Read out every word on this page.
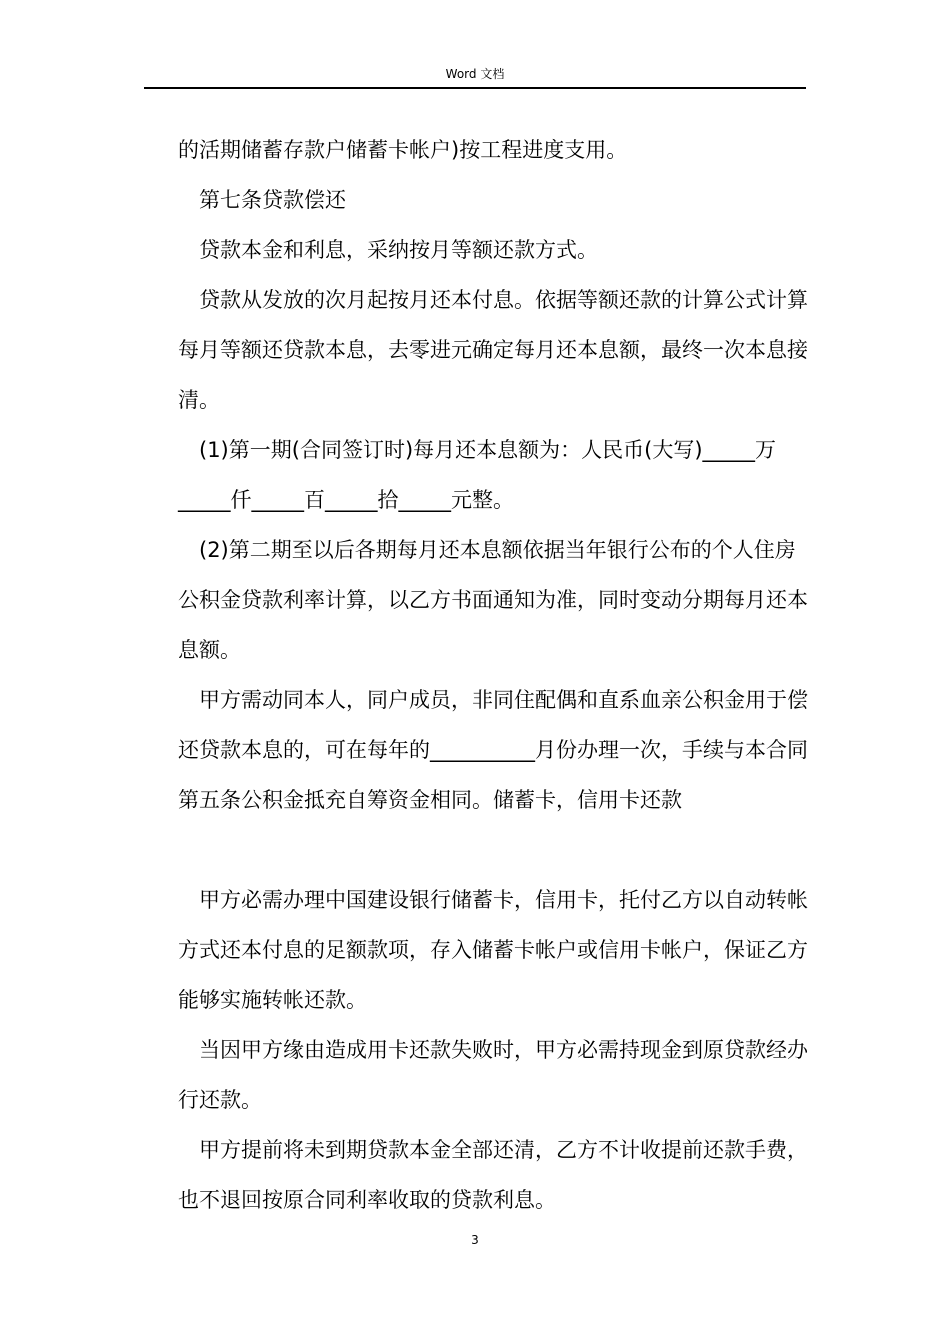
Word 文档

的活期储蓄存款户储蓄卡帐户)按工程进度支用。

第七条贷款偿还

贷款本金和利息，采纳按月等额还款方式。

贷款从发放的次月起按月还本付息。依据等额还款的计算公式计算每月等额还贷款本息，去零进元确定每月还本息额，最终一次本息接清。

(1)第一期(合同签订时)每月还本息额为：人民币(大写)_____万_____仟_____百_____拾_____元整。

(2)第二期至以后各期每月还本息额依据当年银行公布的个人住房公积金贷款利率计算，以乙方书面通知为准，同时变动分期每月还本息额。

甲方需动同本人，同户成员，非同住配偶和直系血亲公积金用于偿还贷款本息的，可在每年的__________月份办理一次，手续与本合同第五条公积金抵充自筹资金相同。储蓄卡，信用卡还款

甲方必需办理中国建设银行储蓄卡，信用卡，托付乙方以自动转帐方式还本付息的足额款项，存入储蓄卡帐户或信用卡帐户，保证乙方能够实施转帐还款。

当因甲方缘由造成用卡还款失败时，甲方必需持现金到原贷款经办行还款。

甲方提前将未到期贷款本金全部还清，乙方不计收提前还款手费，也不退回按原合同利率收取的贷款利息。

3
